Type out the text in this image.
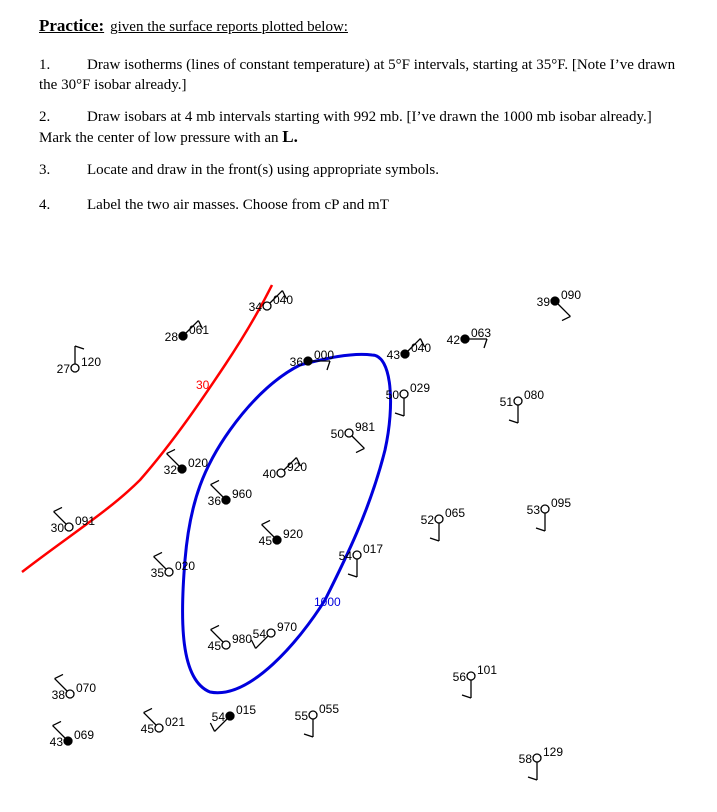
Practice: given the surface reports plotted below:

1. Draw isotherms (lines of constant temperature) at 5°F intervals, starting at 35°F. [Note I’ve drawn

the 30°F isobar already.]

2. Draw isobars at 4 mb intervals starting with 992 mb. [I’ve drawn the 1000 mb isobar already.]

Mark the center of low pressure with an L.

3. Locate and draw in the front(s) using appropriate symbols.

4. Label the two air masses. Choose from cP and mT

30
1000
27 120
28 061
34 040
36 000	43 040
42 063
39 090
50 029
51 080
50 981
32 020
40 920
36 960
30 091	52 065	53 095
45 920
54 017
35 020
54 970
45 980
56 101
38 070
54 015	55 055
45 021
43 069
58 129
